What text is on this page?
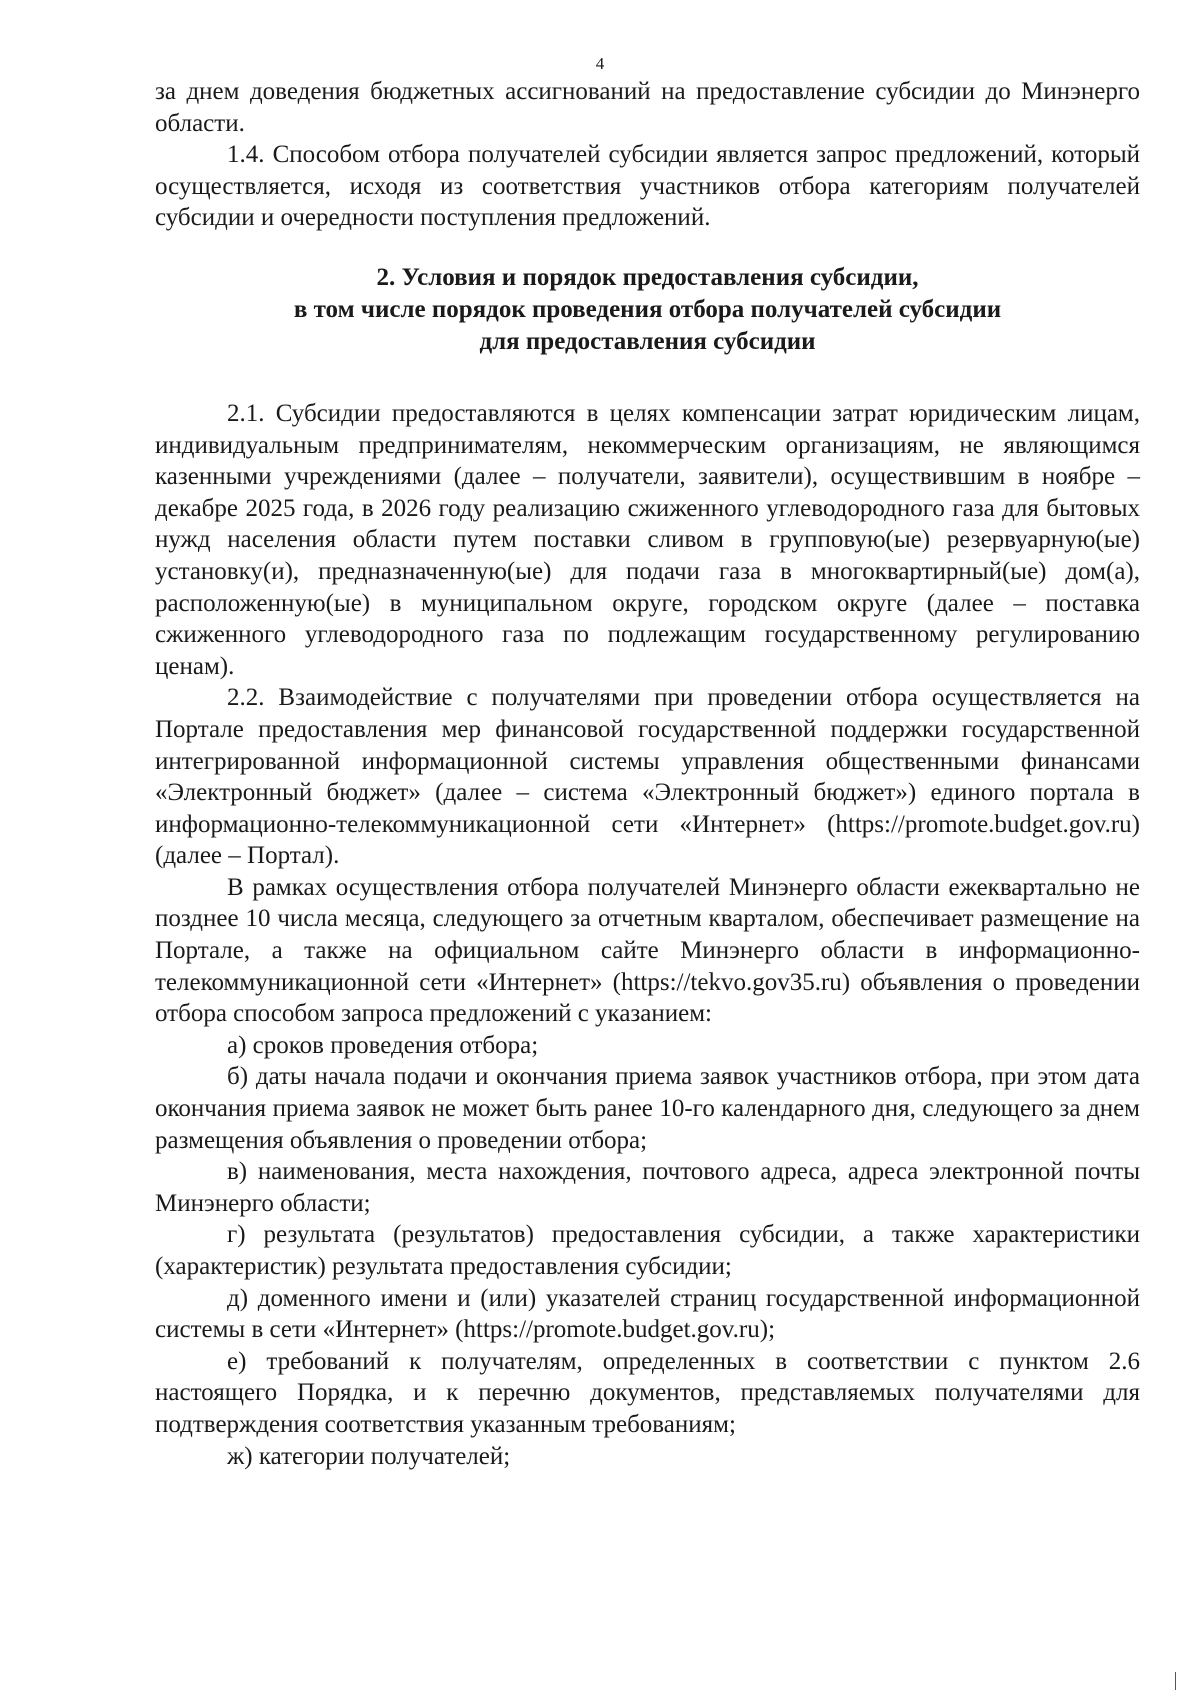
4

за днем доведения бюджетных ассигнований на предоставление субсидии до Минэнерго области.

1.4. Способом отбора получателей субсидии является запрос предложений, который осуществляется, исходя из соответствия участников отбора категориям получателей субсидии и очередности поступления предложений.

2. Условия и порядок предоставления субсидии,
в том числе порядок проведения отбора получателей субсидии
для предоставления субсидии

2.1. Субсидии предоставляются в целях компенсации затрат юридическим лицам, индивидуальным предпринимателям, некоммерческим организациям, не являющимся казенными учреждениями (далее – получатели, заявители), осуществившим в ноябре – декабре 2025 года, в 2026 году реализацию сжиженного углеводородного газа для бытовых нужд населения области путем поставки сливом в групповую(ые) резервуарную(ые) установку(и), предназначенную(ые) для подачи газа в многоквартирный(ые) дом(а), расположенную(ые) в муниципальном округе, городском округе (далее – поставка сжиженного углеводородного газа по подлежащим государственному регулированию ценам).

2.2. Взаимодействие с получателями при проведении отбора осуществляется на Портале предоставления мер финансовой государственной поддержки государственной интегрированной информационной системы управления общественными финансами «Электронный бюджет» (далее – система «Электронный бюджет») единого портала в информационно-телекоммуникационной сети «Интернет» (https://promote.budget.gov.ru) (далее – Портал).

В рамках осуществления отбора получателей Минэнерго области ежеквартально не позднее 10 числа месяца, следующего за отчетным кварталом, обеспечивает размещение на Портале, а также на официальном сайте Минэнерго области в информационно-телекоммуникационной сети «Интернет» (https://tekvo.gov35.ru) объявления о проведении отбора способом запроса предложений с указанием:

а) сроков проведения отбора;

б) даты начала подачи и окончания приема заявок участников отбора, при этом дата окончания приема заявок не может быть ранее 10-го календарного дня, следующего за днем размещения объявления о проведении отбора;

в) наименования, места нахождения, почтового адреса, адреса электронной почты Минэнерго области;

г) результата (результатов) предоставления субсидии, а также характеристики (характеристик) результата предоставления субсидии;

д) доменного имени и (или) указателей страниц государственной информационной системы в сети «Интернет» (https://promote.budget.gov.ru);

е) требований к получателям, определенных в соответствии с пунктом 2.6 настоящего Порядка, и к перечню документов, представляемых получателями для подтверждения соответствия указанным требованиям;

ж) категории получателей;
